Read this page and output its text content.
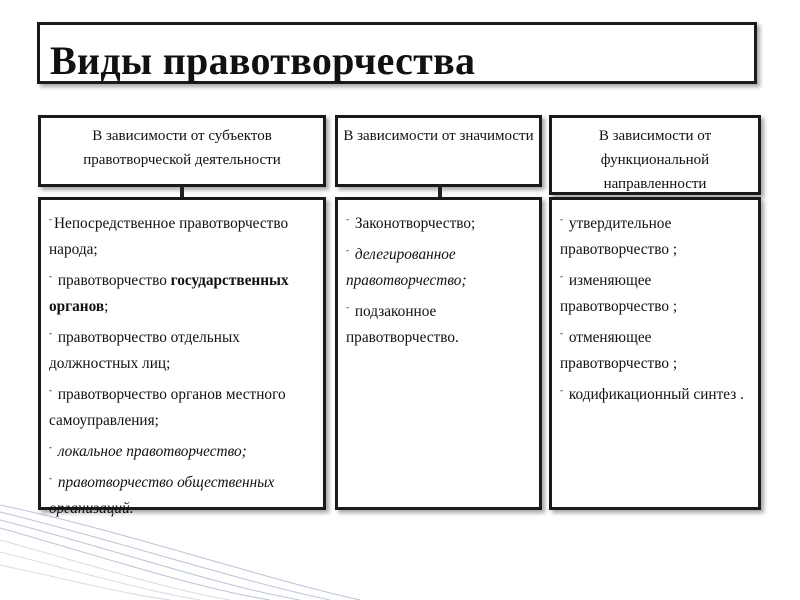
Виды правотворчества
В зависимости от субъектов правотворческой деятельности
В зависимости от значимости	В зависимости от функциональной направленности

- Непосредственное правотворчество народа;

- правотворчество государственных органов;

- правотворчество отдельных должностных лиц;

- правотворчество органов местного самоуправления;

- локальное правотворчество;

- правотворчество общественных организаций.

- Законотворчество;

- делегированное правотворчество;

- подзаконное правотворчество.

- утвердительное правотворчество ;

- изменяющее правотворчество ;

- отменяющее правотворчество ;

- кодификационный синтез .
